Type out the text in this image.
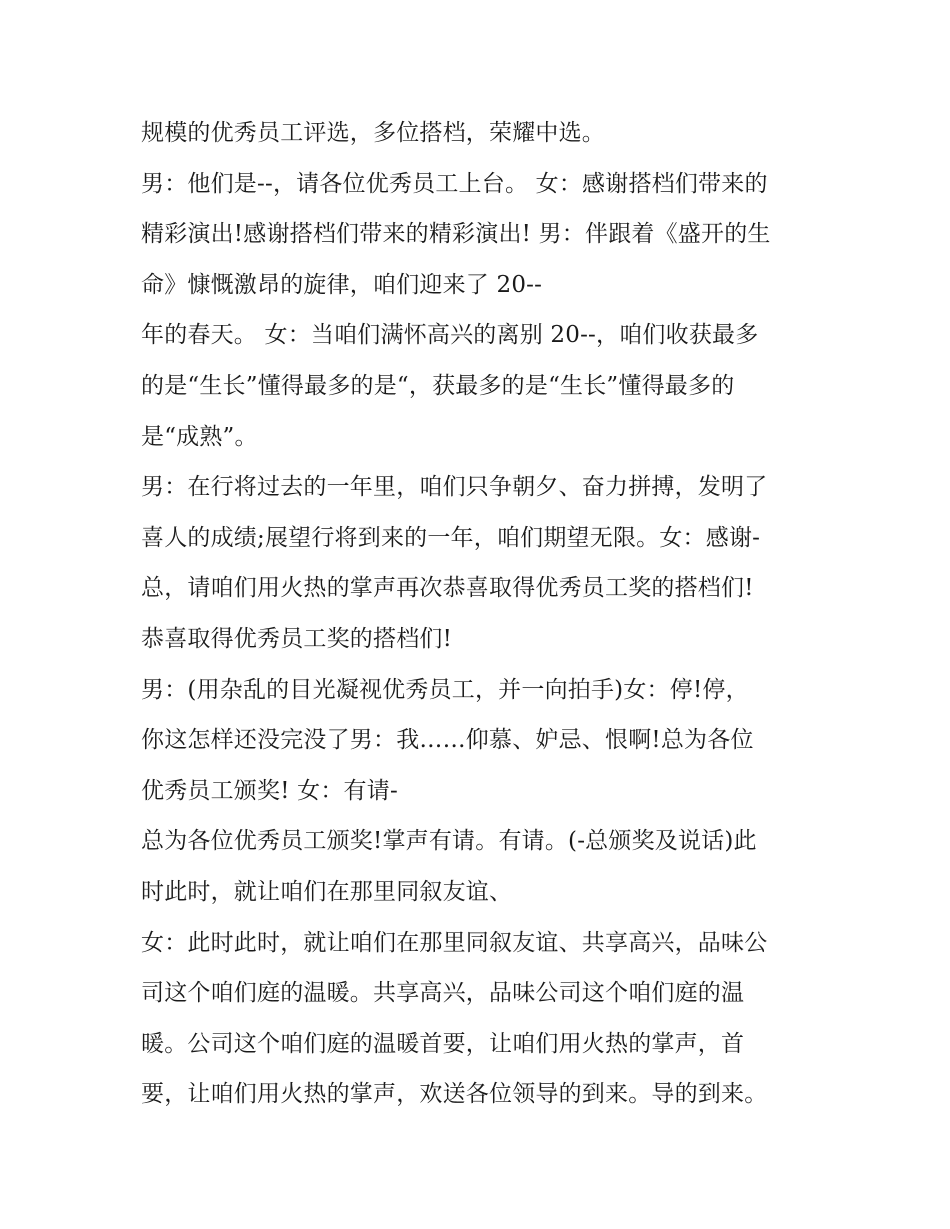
规模的优秀员工评选，多位搭档，荣耀中选。
男：他们是--，请各位优秀员工上台。 女：感谢搭档们带来的
精彩演出!感谢搭档们带来的精彩演出! 男：伴跟着《盛开的生
命》慷慨激昂的旋律，咱们迎来了 20--
年的春天。 女：当咱们满怀高兴的离别 20--，咱们收获最多
的是“生长”懂得最多的是“，获最多的是“生长”懂得最多的
是“成熟”。
男：在行将过去的一年里，咱们只争朝夕、奋力拼搏，发明了
喜人的成绩;展望行将到来的一年，咱们期望无限。女：感谢-
总，请咱们用火热的掌声再次恭喜取得优秀员工奖的搭档们!
恭喜取得优秀员工奖的搭档们!
男：(用杂乱的目光凝视优秀员工，并一向拍手)女：停!停，
你这怎样还没完没了男：我……仰慕、妒忌、恨啊!总为各位
优秀员工颁奖! 女：有请-
总为各位优秀员工颁奖!掌声有请。有请。(-总颁奖及说话)此
时此时，就让咱们在那里同叙友谊、
女：此时此时，就让咱们在那里同叙友谊、共享高兴，品味公
司这个咱们庭的温暖。共享高兴，品味公司这个咱们庭的温
暖。公司这个咱们庭的温暖首要，让咱们用火热的掌声，首
要，让咱们用火热的掌声，欢送各位领导的到来。导的到来。
